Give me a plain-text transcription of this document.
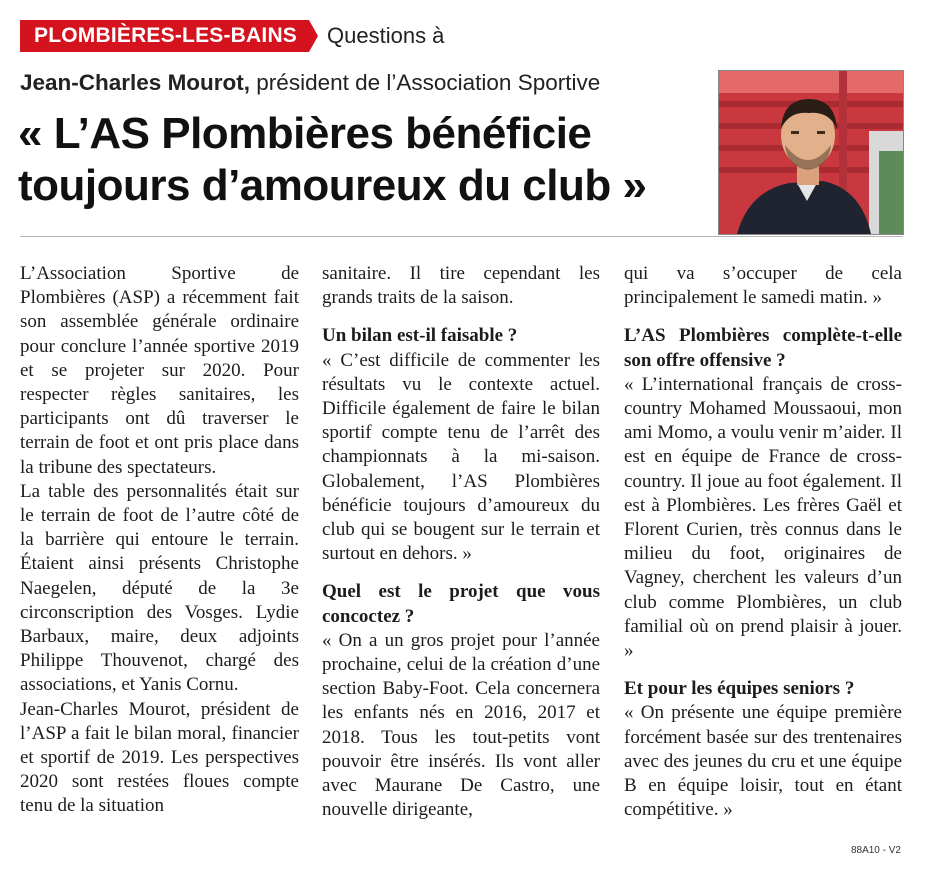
PLOMBIÈRES-LES-BAINS	Questions à
Jean-Charles Mourot, président de l’Association Sportive
« L’AS Plombières bénéficie toujours d’amoureux du club »

L’Association Sportive de Plombières (ASP) a récemment fait son assemblée générale ordinaire pour conclure l’année sportive 2019 et se projeter sur 2020. Pour respecter règles sanitaires, les participants ont dû traverser le terrain de foot et ont pris place dans la tribune des spectateurs.

La table des personnalités était sur le terrain de foot de l’autre côté de la barrière qui entoure le terrain. Étaient ainsi présents Christophe Naegelen, député de la 3e circonscription des Vosges. Lydie Barbaux, maire, deux adjoints Philippe Thouvenot, chargé des associations, et Yanis Cornu.

Jean-Charles Mourot, président de l’ASP a fait le bilan moral, financier et sportif de 2019. Les perspectives 2020 sont restées floues compte tenu de la situation

sanitaire. Il tire cependant les grands traits de la saison.

Un bilan est-il faisable ?

« C’est difficile de commenter les résultats vu le contexte actuel. Difficile également de faire le bilan sportif compte tenu de l’arrêt des championnats à la mi-saison. Globalement, l’AS Plombières bénéficie toujours d’amoureux du club qui se bougent sur le terrain et surtout en dehors. »

Quel est le projet que vous concoctez ?

« On a un gros projet pour l’année prochaine, celui de la création d’une section Baby-Foot. Cela concernera les enfants nés en 2016, 2017 et 2018. Tous les tout-petits vont pouvoir être insérés. Ils vont aller avec Maurane De Castro, une nouvelle dirigeante,

qui va s’occuper de cela principalement le samedi matin. »

L’AS Plombières complète-t-elle son offre offensive ?

« L’international français de cross-country Mohamed Moussaoui, mon ami Momo, a voulu venir m’aider. Il est en équipe de France de cross-country. Il joue au foot également. Il est à Plombières. Les frères Gaël et Florent Curien, très connus dans le milieu du foot, originaires de Vagney, cherchent les valeurs d’un club comme Plombières, un club familial où on prend plaisir à jouer. »

Et pour les équipes seniors ?

« On présente une équipe première forcément basée sur des trentenaires avec des jeunes du cru et une équipe B en équipe loisir, tout en étant compétitive. »

88A10 - V2
